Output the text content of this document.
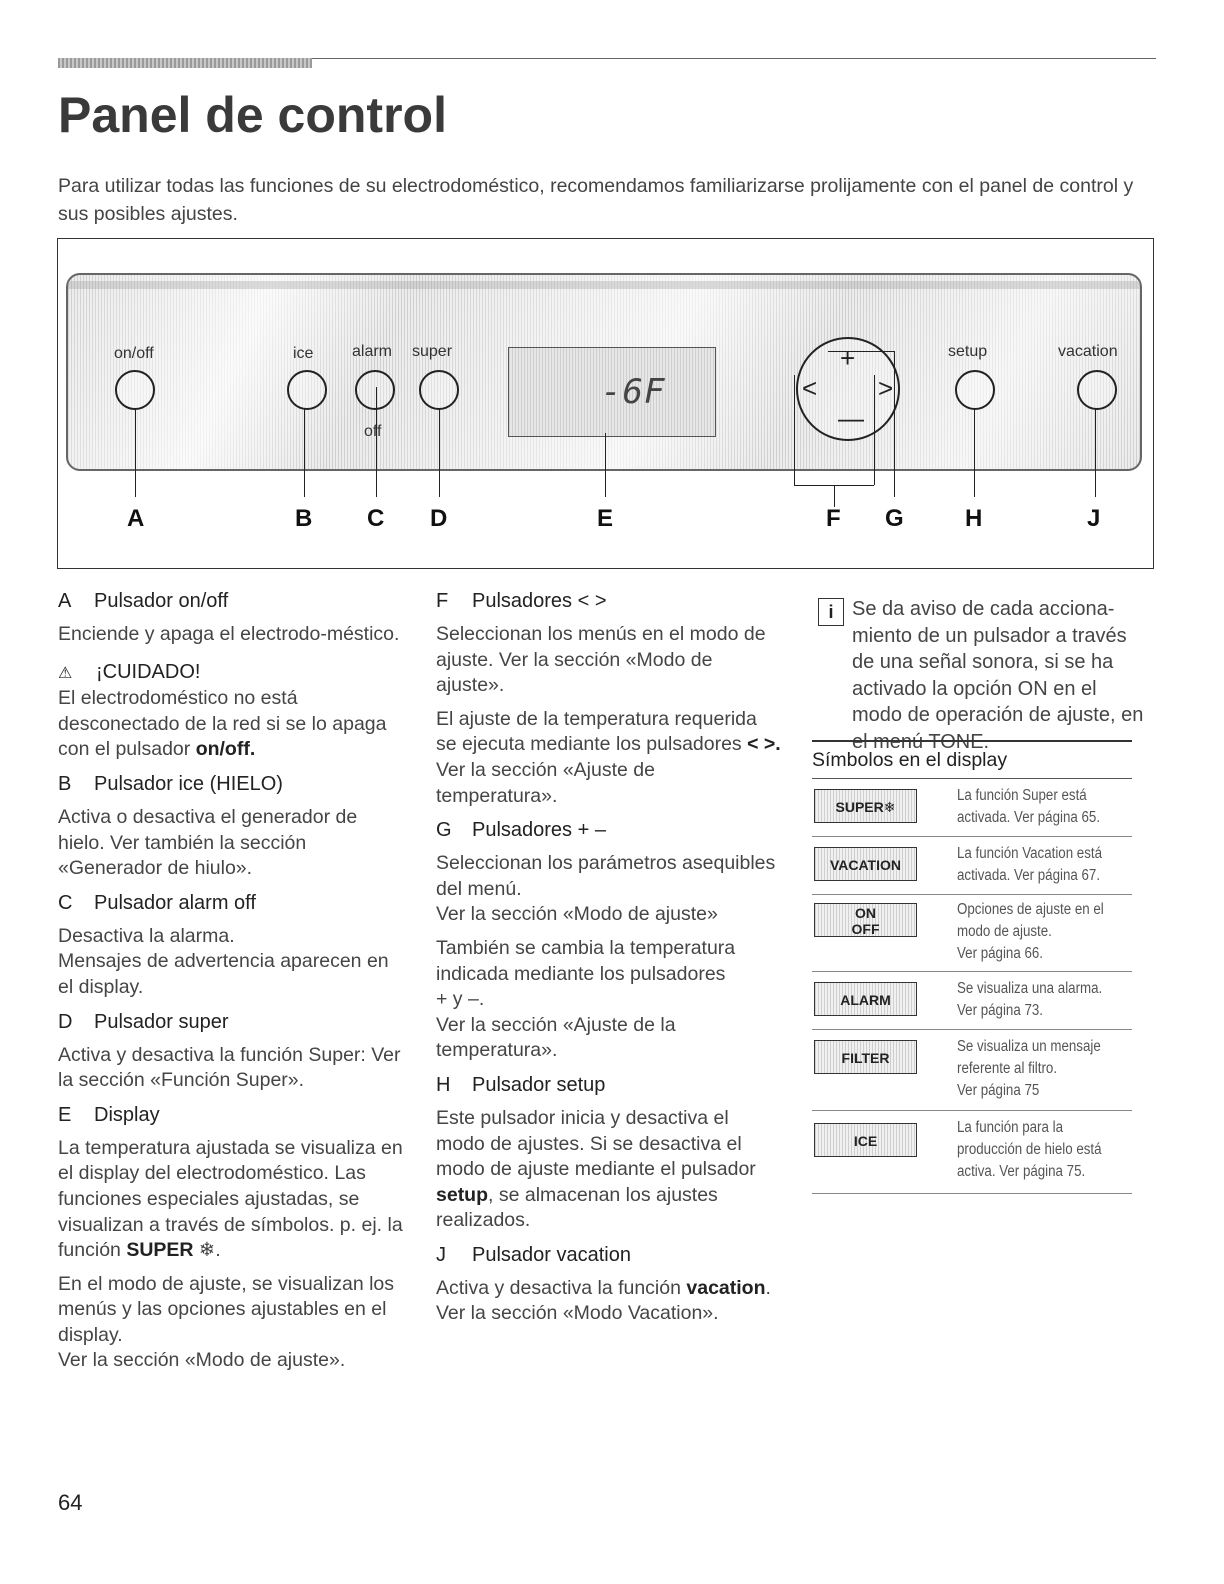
Panel de control

Para utilizar todas las funciones de su electrodoméstico, recomendamos familiarizarse prolijamente con el panel de control y sus posibles ajustes.

on/off	ice alarm
off
super
-6F
+
—
< >
setup	vacation
A	B C D	E	F G	H	J
A Pulsador on/off

Enciende y apaga el electrodo-méstico.

⚠ ¡CUIDADO!

El electrodoméstico no está desconectado de la red si se lo apaga con el pulsador on/off.

B Pulsador ice (HIELO)

Activa o desactiva el generador de hielo. Ver también la sección «Generador de hiulo».

C Pulsador alarm off

Desactiva la alarma.

Mensajes de advertencia aparecen en el display.

D Pulsador super

Activa y desactiva la función Super: Ver la sección «Función Super».

E Display

La temperatura ajustada se visualiza en el display del electrodoméstico. Las funciones especiales ajustadas, se visualizan a través de símbolos. p. ej. la función SUPER ❄.

En el modo de ajuste, se visualizan los menús y las opciones ajustables en el display.

Ver la sección «Modo de ajuste».

F Pulsadores < >

Seleccionan los menús en el modo de ajuste. Ver la sección «Modo de ajuste».

El ajuste de la temperatura requerida se ejecuta mediante los pulsadores < >.

Ver la sección «Ajuste de temperatura».

G Pulsadores + –

Seleccionan los parámetros asequibles del menú.

Ver la sección «Modo de ajuste»

También se cambia la temperatura indicada mediante los pulsadores

+ y –.

Ver la sección «Ajuste de la temperatura».

H Pulsador setup

Este pulsador inicia y desactiva el modo de ajustes. Si se desactiva el modo de ajuste mediante el pulsador setup, se almacenan los ajustes realizados.

J Pulsador vacation

Activa y desactiva la función vacation.

Ver la sección «Modo Vacation».

i Se da aviso de cada acciona-miento de un pulsador a través de una señal sonora, si se ha activado la opción ON en el modo de operación de ajuste, en el menú TONE.

Símbolos en el display
SUPER❄
La función Super está
activada. Ver página 65.
VACATION
La función Vacation está
activada. Ver página 67.
ON
OFF
Opciones de ajuste en el
modo de ajuste.
Ver página 66.
ALARM
Se visualiza una alarma.
Ver página 73.
FILTER
Se visualiza un mensaje
referente al filtro.
Ver página 75
ICE
La función para la
producción de hielo está
activa. Ver página 75.
64
